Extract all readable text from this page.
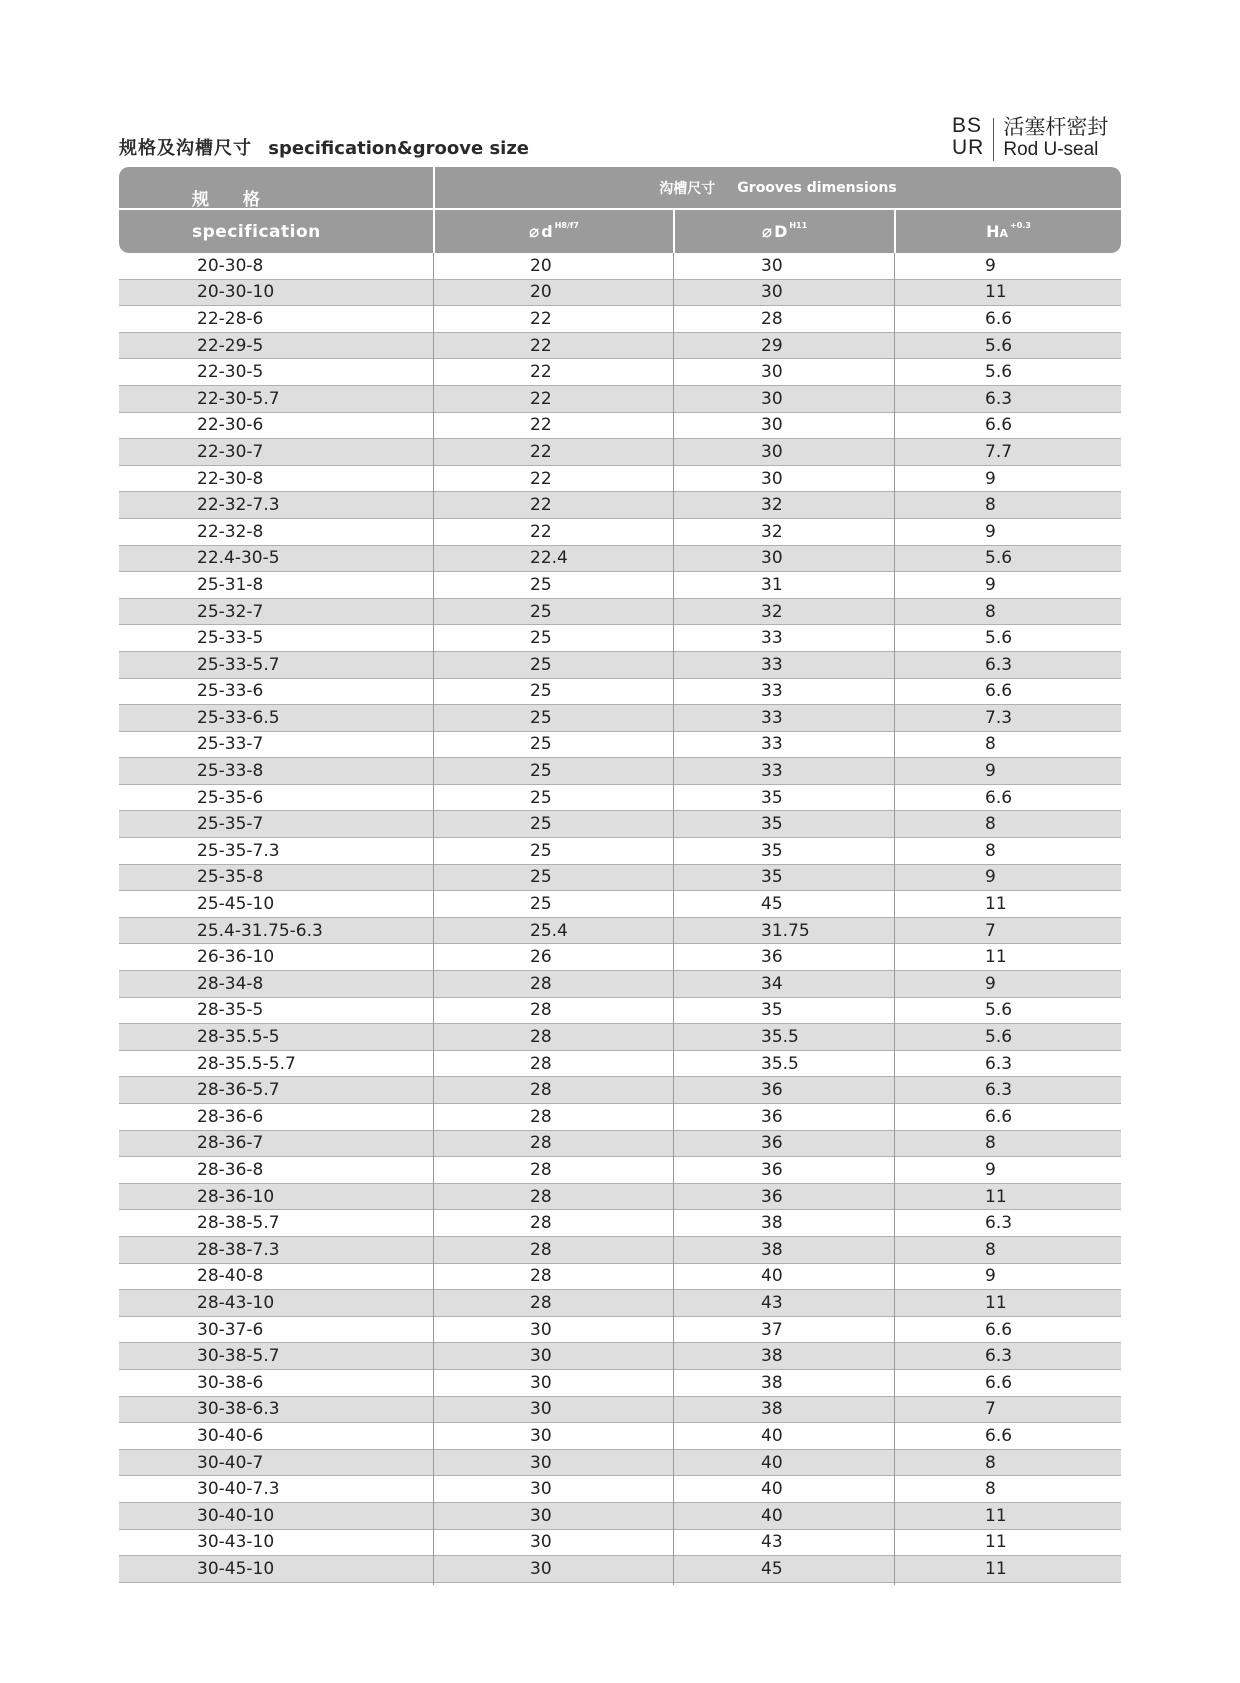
规格及沟槽尺寸 specification&groove size
BS
UR
活塞杆密封
Rod U-seal
规 格
specification
沟槽尺寸 Grooves dimensions
⌀ d $^{H8/f7}$	⌀ D $^{H11}$	H A
$^{+0.3}$
20-30-8	20	30	9
20-30-10	20	30	11
22-28-6	22	28	6.6
22-29-5	22	29	5.6
22-30-5	22	30	5.6
22-30-5.7	22	30	6.3
22-30-6	22	30	6.6
22-30-7	22	30	7.7
22-30-8	22	30	9
22-32-7.3	22	32	8
22-32-8	22	32	9
22.4-30-5	22.4	30	5.6
25-31-8	25	31	9
25-32-7	25	32	8
25-33-5	25	33	5.6
25-33-5.7	25	33	6.3
25-33-6	25	33	6.6
25-33-6.5	25	33	7.3
25-33-7	25	33	8
25-33-8	25	33	9
25-35-6	25	35	6.6
25-35-7	25	35	8
25-35-7.3	25	35	8
25-35-8	25	35	9
25-45-10	25	45	11
25.4-31.75-6.3	25.4	31.75	7
26-36-10	26	36	11
28-34-8	28	34	9
28-35-5	28	35	5.6
28-35.5-5	28	35.5	5.6
28-35.5-5.7	28	35.5	6.3
28-36-5.7	28	36	6.3
28-36-6	28	36	6.6
28-36-7	28	36	8
28-36-8	28	36	9
28-36-10	28	36	11
28-38-5.7	28	38	6.3
28-38-7.3	28	38	8
28-40-8	28	40	9
28-43-10	28	43	11
30-37-6	30	37	6.6
30-38-5.7	30	38	6.3
30-38-6	30	38	6.6
30-38-6.3	30	38	7
30-40-6	30	40	6.6
30-40-7	30	40	8
30-40-7.3	30	40	8
30-40-10	30	40	11
30-43-10	30	43	11
30-45-10	30	45	11
